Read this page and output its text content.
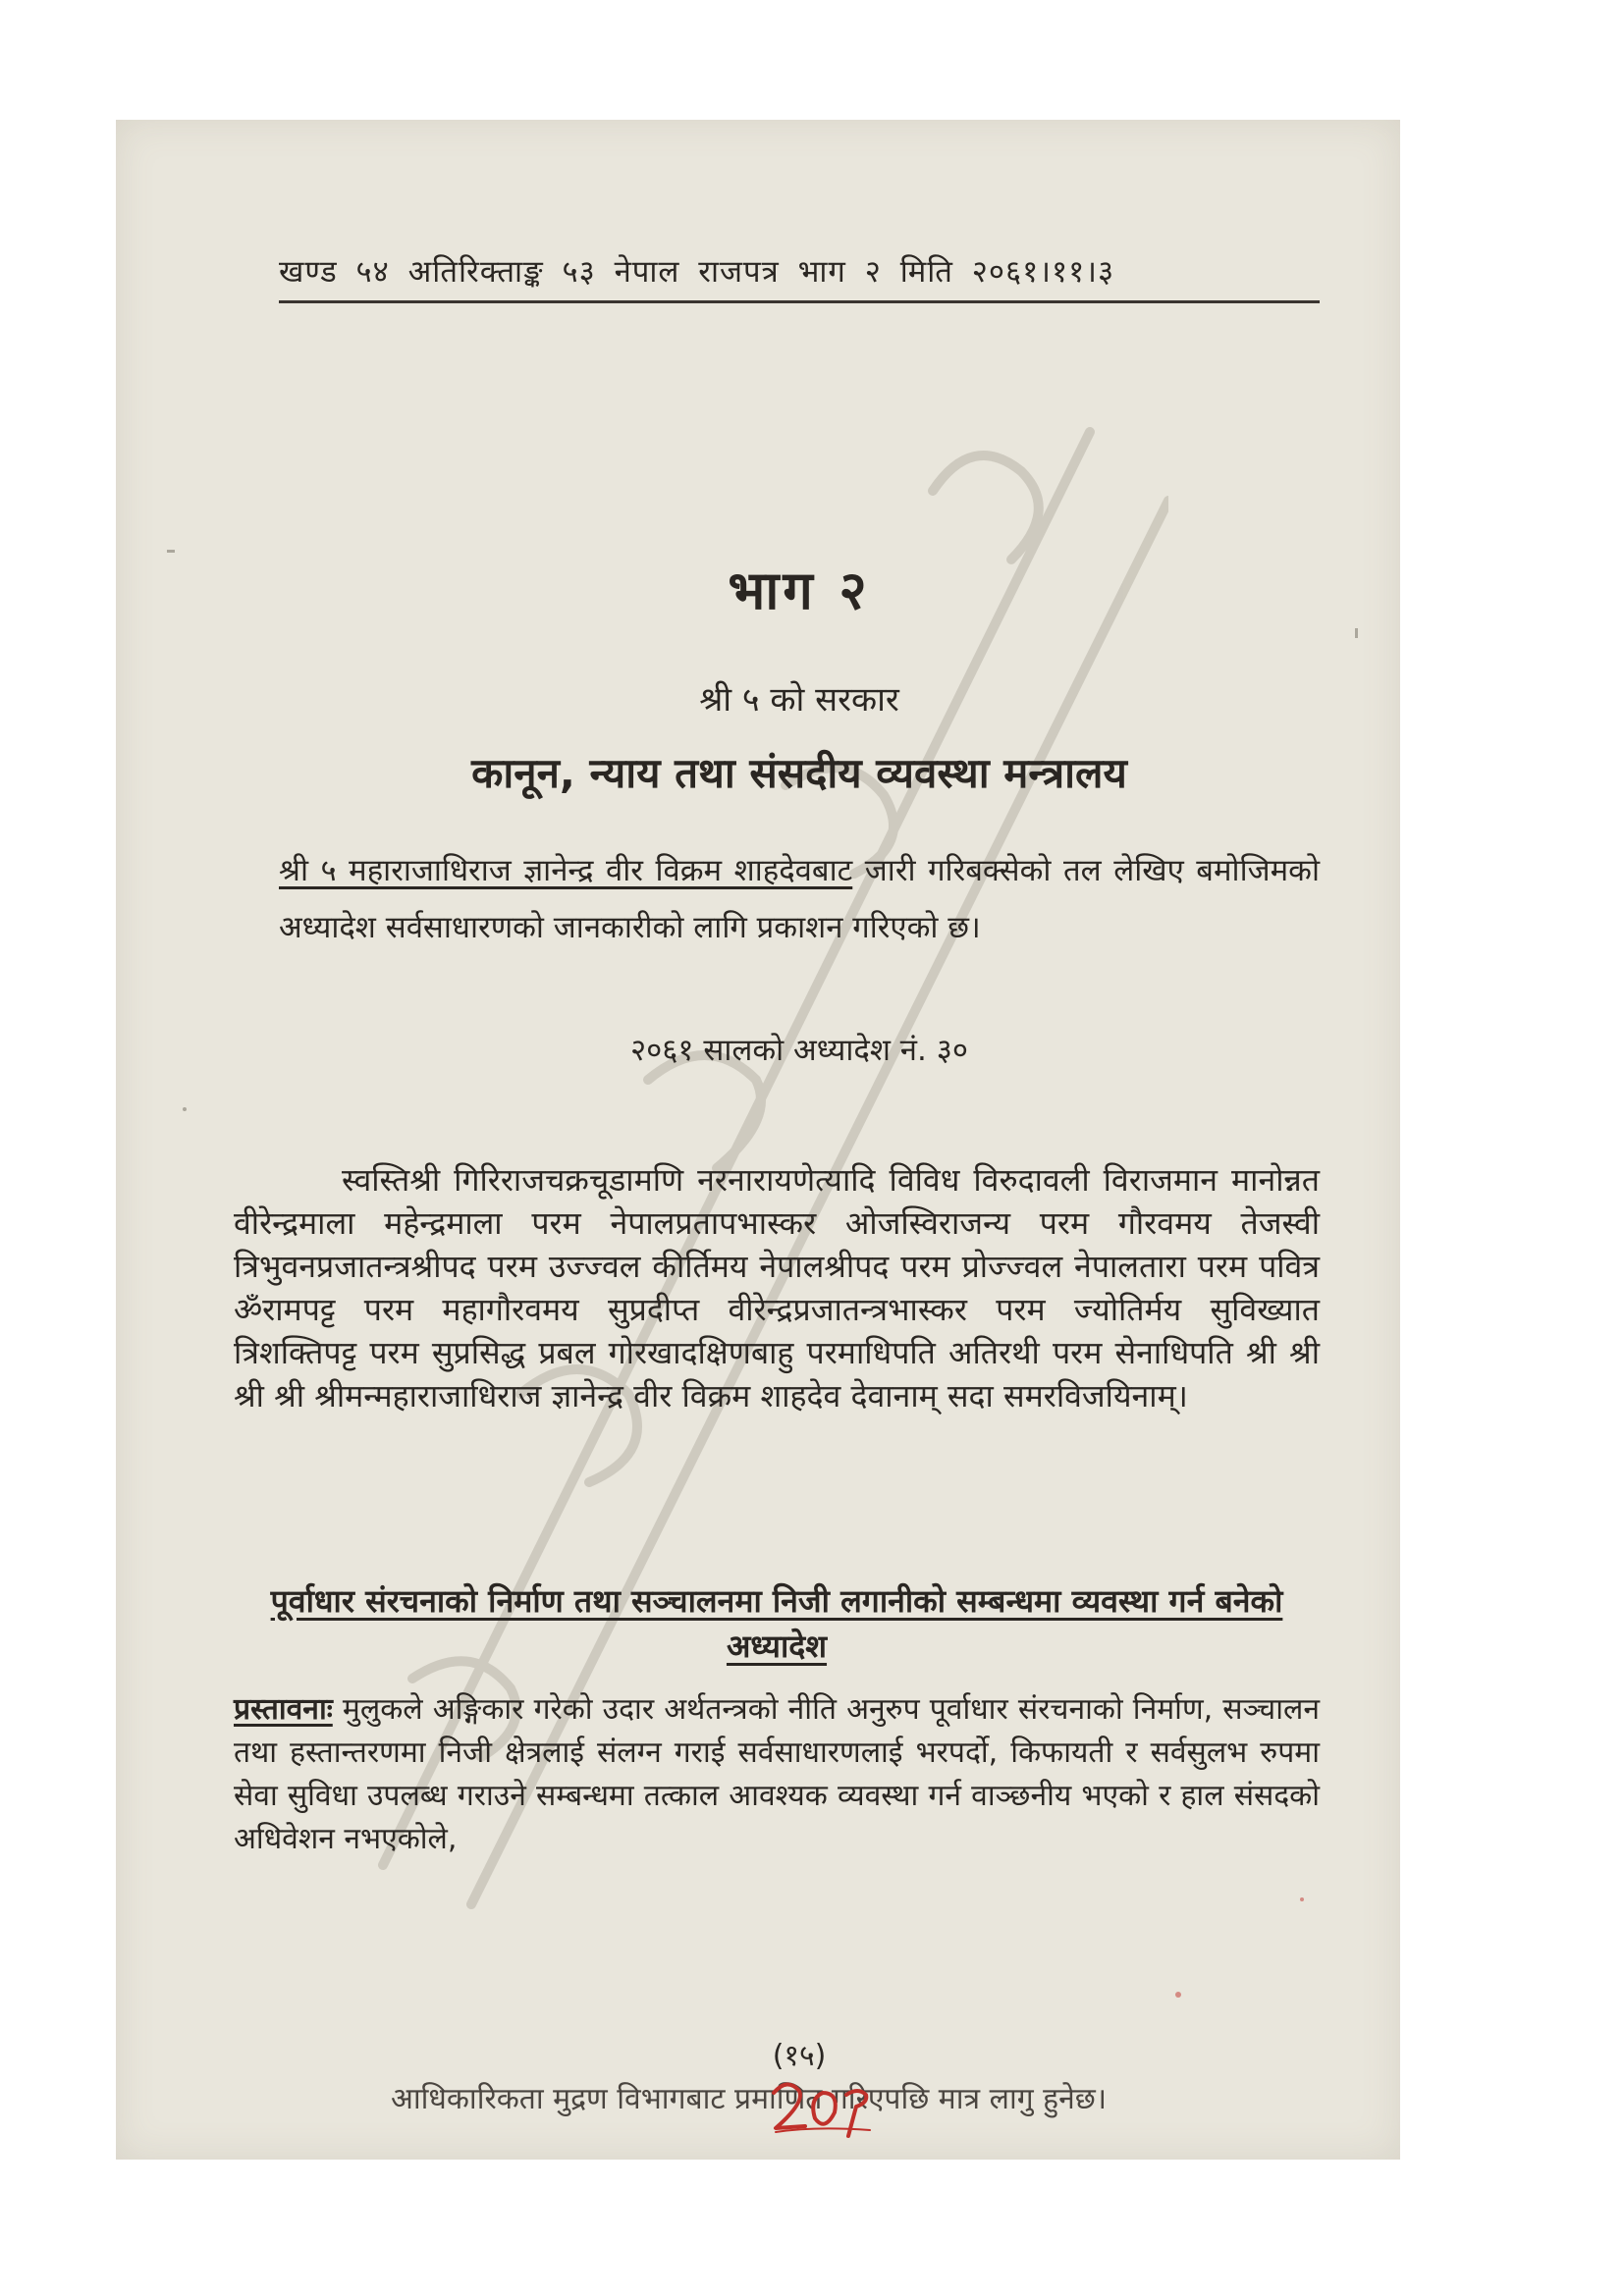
खण्ड ५४ अतिरिक्ताङ्क ५३ नेपाल राजपत्र भाग २ मिति २०६१।११।३
भाग २
श्री ५ को सरकार
कानून, न्याय तथा संसदीय व्यवस्था मन्त्रालय
श्री ५ महाराजाधिराज ज्ञानेन्द्र वीर विक्रम शाहदेवबाट जारी गरिबक्सेको तल लेखिए बमोजिमको अध्यादेश सर्वसाधारणको जानकारीको लागि प्रकाशन गरिएको छ।
२०६१ सालको अध्यादेश नं. ३०
स्वस्तिश्री गिरिराजचक्रचूडामणि नरनारायणेत्यादि विविध विरुदावली विराजमान मानोन्नत वीरेन्द्रमाला महेन्द्रमाला परम नेपालप्रतापभास्कर ओजस्विराजन्य परम गौरवमय तेजस्वी त्रिभुवनप्रजातन्त्रश्रीपद परम उज्ज्वल कीर्तिमय नेपालश्रीपद परम प्रोज्ज्वल नेपालतारा परम पवित्र ॐरामपट्ट परम महागौरवमय सुप्रदीप्त वीरेन्द्रप्रजातन्त्रभास्कर परम ज्योतिर्मय सुविख्यात त्रिशक्तिपट्ट परम सुप्रसिद्ध प्रबल गोरखादक्षिणबाहु परमाधिपति अतिरथी परम सेनाधिपति श्री श्री श्री श्री श्रीमन्महाराजाधिराज ज्ञानेन्द्र वीर विक्रम शाहदेव देवानाम् सदा समरविजयिनाम्।
पूर्वाधार संरचनाको निर्माण तथा सञ्चालनमा निजी लगानीको सम्बन्धमा व्यवस्था गर्न बनेको अध्यादेश
प्रस्तावनाः मुलुकले अङ्गिकार गरेको उदार अर्थतन्त्रको नीति अनुरुप पूर्वाधार संरचनाको निर्माण, सञ्चालन तथा हस्तान्तरणमा निजी क्षेत्रलाई संलग्न गराई सर्वसाधारणलाई भरपर्दो, किफायती र सर्वसुलभ रुपमा सेवा सुविधा उपलब्ध गराउने सम्बन्धमा तत्काल आवश्यक व्यवस्था गर्न वाञ्छनीय भएको र हाल संसदको अधिवेशन नभएकोले,
(१५)
आधिकारिकता मुद्रण विभागबाट प्रमाणित गरिएपछि मात्र लागु हुनेछ।
